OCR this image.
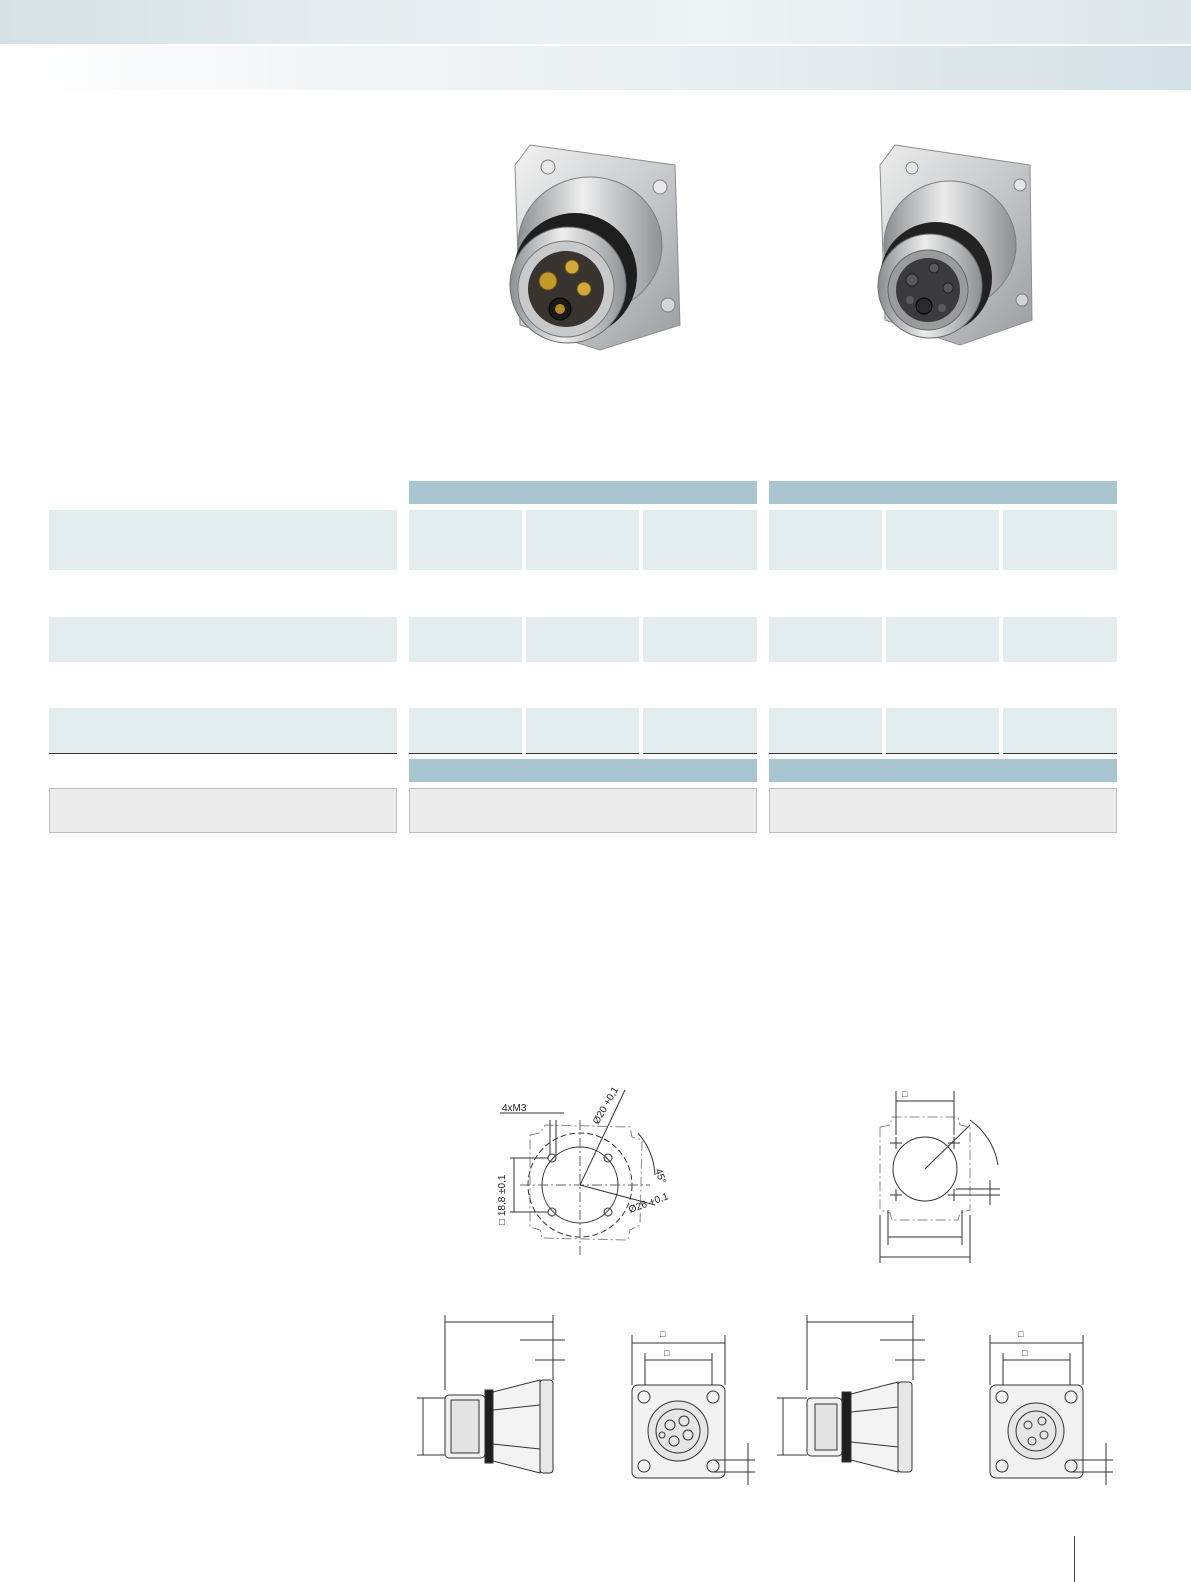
4xM3	Ø20 +0,1
45°
Ø26 +0,1
□ 18,8 ±0,1
□
□
□
□
□
